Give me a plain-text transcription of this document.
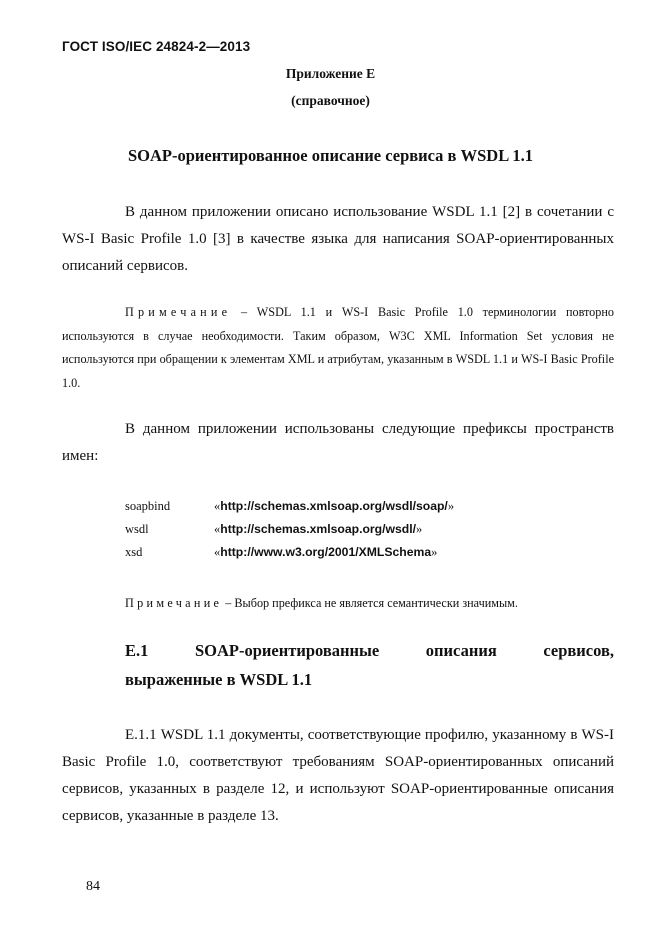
ГОСТ ISO/IEC 24824-2—2013
Приложение Е
(справочное)
SOAP-ориентированное описание сервиса в WSDL 1.1
В данном приложении описано использование WSDL 1.1 [2] в сочетании с WS-I Basic Profile 1.0 [3] в качестве языка для написания SOAP-ориентированных описаний сервисов.
Примечание – WSDL 1.1 и WS-I Basic Profile 1.0 терминологии повторно используются в случае необходимости. Таким образом, W3C XML Information Set условия не используются при обращении к элементам XML и атрибутам, указанным в WSDL 1.1 и WS-I Basic Profile 1.0.
В данном приложении использованы следующие префиксы пространств имен:
soapbind	«http://schemas.xmlsoap.org/wsdl/soap/»
wsdl	«http://schemas.xmlsoap.org/wsdl/»
xsd	«http://www.w3.org/2001/XMLSchema»
Примечание – Выбор префикса не является семантически значимым.
Е.1	SOAP-ориентированные	описания	сервисов,
выраженные в WSDL 1.1
Е.1.1 WSDL 1.1 документы, соответствующие профилю, указанному в WS-I Basic Profile 1.0, соответствуют требованиям SOAP-ориентированных описаний сервисов, указанных в разделе 12, и используют SOAP-ориентированные описания сервисов, указанные в разделе 13.
84
